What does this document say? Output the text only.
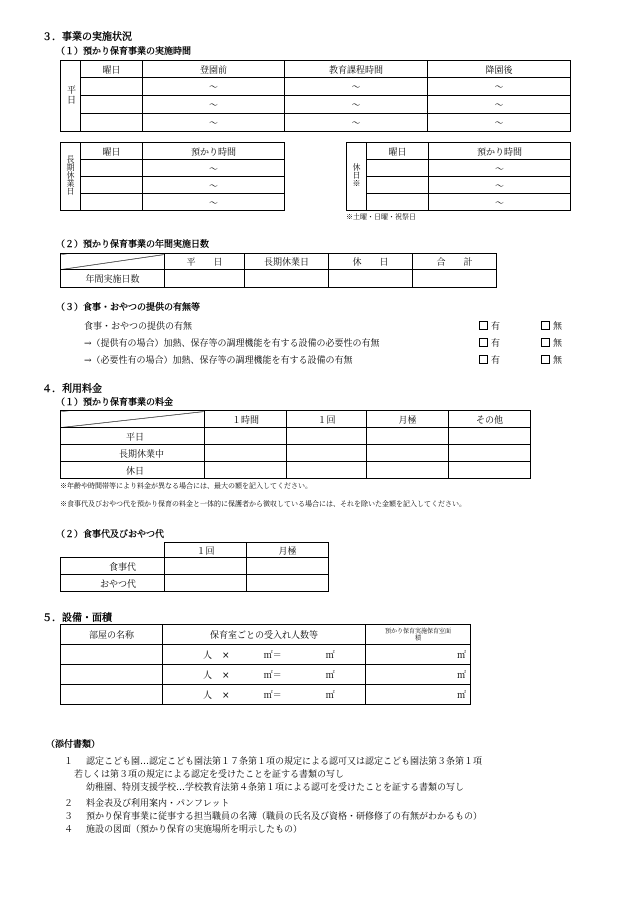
３．事業の実施状況
（１）預かり保育事業の実施時間
平日	曜日	登園前	教育課程時間	降園後
		～	～	～
		～	～	～
		～	～	～
長期休業日	曜日	預かり時間
		～
		～
		～
休日※	曜日	預かり時間
		～
		～
		～
※土曜・日曜・祝祭日
（２）預かり保育事業の年間実施日数
	平　　日	長期休業日	休　　日	合　　計
年間実施日数				
（３）食事・おやつの提供の有無等
食事・おやつの提供の有無	有	無
→（提供有の場合）加熱、保存等の調理機能を有する設備の必要性の有無	有	無
→（必要性有の場合）加熱、保存等の調理機能を有する設備の有無	有	無
４．利用料金
（１）預かり保育事業の料金
	１時間	１回	月極	その他
平日				
長期休業中				
休日				
※年齢や時間帯等により料金が異なる場合には、最大の額を記入してください。
※食事代及びおやつ代を預かり保育の料金と一体的に保護者から徴収している場合には、それを除いた金額を記入してください。
（２）食事代及びおやつ代
	１回	月極
食事代		
おやつ代		
５．設備・面積
部屋の名称	保育室ごとの受入れ人数等	預かり保育実施保育室面積

	人 × ㎡＝ ㎡	㎡
	人 × ㎡＝ ㎡	㎡
	人 × ㎡＝ ㎡	㎡
（添付書類）
１ 認定こども園…認定こども園法第１７条第１項の規定による認可又は認定こども園法第３条第１項
若しくは第３項の規定による認定を受けたことを証する書類の写し
幼稚園、特別支援学校…学校教育法第４条第１項による認可を受けたことを証する書類の写し
２ 料金表及び利用案内・パンフレット
３ 預かり保育事業に従事する担当職員の名簿（職員の氏名及び資格・研修修了の有無がわかるもの）
４ 施設の図面（預かり保育の実施場所を明示したもの）
